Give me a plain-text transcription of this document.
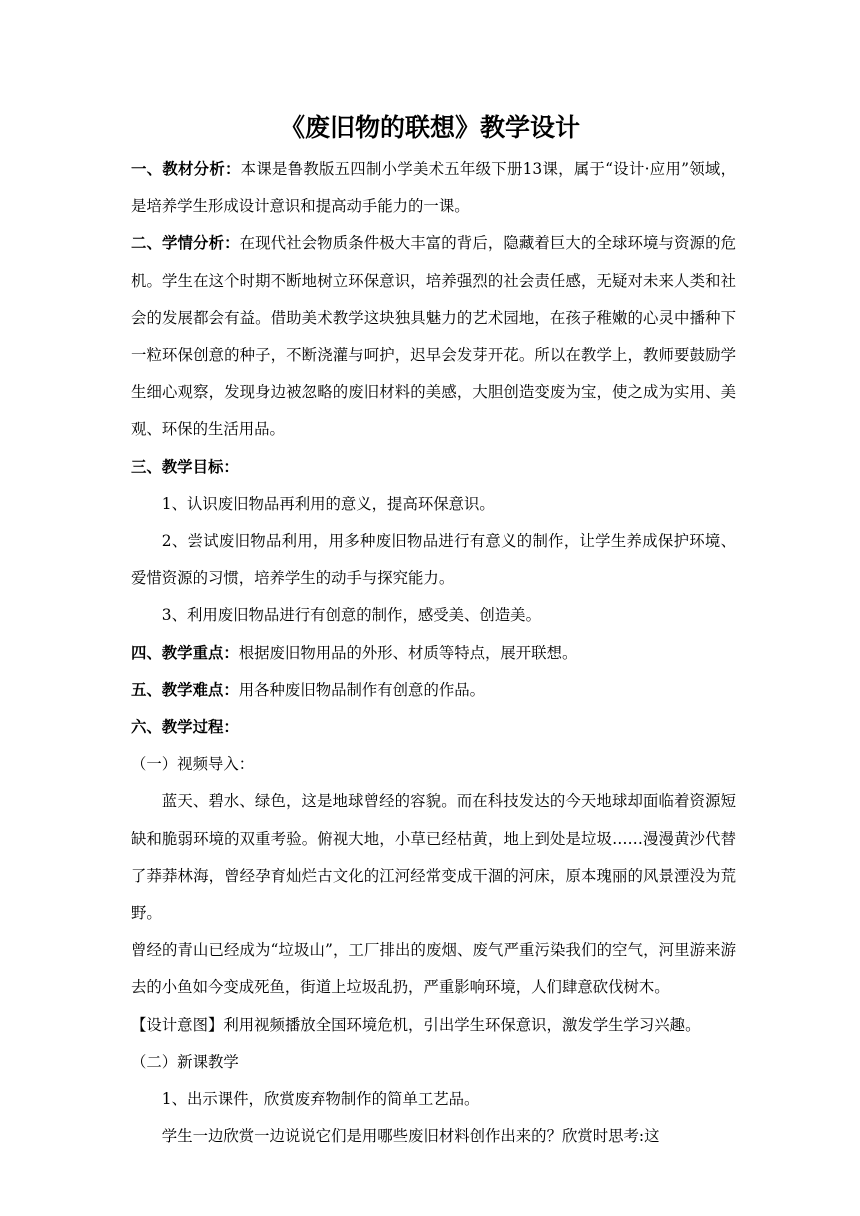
《废旧物的联想》教学设计

一、教材分析：本课是鲁教版五四制小学美术五年级下册13课，属于“设计·应用”领域，是培养学生形成设计意识和提高动手能力的一课。

二、学情分析：在现代社会物质条件极大丰富的背后，隐藏着巨大的全球环境与资源的危机。学生在这个时期不断地树立环保意识，培养强烈的社会责任感，无疑对未来人类和社会的发展都会有益。借助美术教学这块独具魅力的艺术园地，在孩子稚嫩的心灵中播种下一粒环保创意的种子，不断浇灌与呵护，迟早会发芽开花。所以在教学上，教师要鼓励学生细心观察，发现身边被忽略的废旧材料的美感，大胆创造变废为宝，使之成为实用、美观、环保的生活用品。

三、教学目标：

1、认识废旧物品再利用的意义，提高环保意识。

2、尝试废旧物品利用，用多种废旧物品进行有意义的制作，让学生养成保护环境、爱惜资源的习惯，培养学生的动手与探究能力。

3、利用废旧物品进行有创意的制作，感受美、创造美。

四、教学重点：根据废旧物用品的外形、材质等特点，展开联想。

五、教学难点：用各种废旧物品制作有创意的作品。

六、教学过程：

（一）视频导入：

蓝天、碧水、绿色，这是地球曾经的容貌。而在科技发达的今天地球却面临着资源短缺和脆弱环境的双重考验。俯视大地，小草已经枯黄，地上到处是垃圾……漫漫黄沙代替了莽莽林海，曾经孕育灿烂古文化的江河经常变成干涸的河床，原本瑰丽的风景湮没为荒野。

曾经的青山已经成为“垃圾山”，工厂排出的废烟、废气严重污染我们的空气，河里游来游去的小鱼如今变成死鱼，街道上垃圾乱扔，严重影响环境，人们肆意砍伐树木。

【设计意图】利用视频播放全国环境危机，引出学生环保意识，激发学生学习兴趣。

（二）新课教学

1、出示课件，欣赏废弃物制作的简单工艺品。

学生一边欣赏一边说说它们是用哪些废旧材料创作出来的？欣赏时思考:这
